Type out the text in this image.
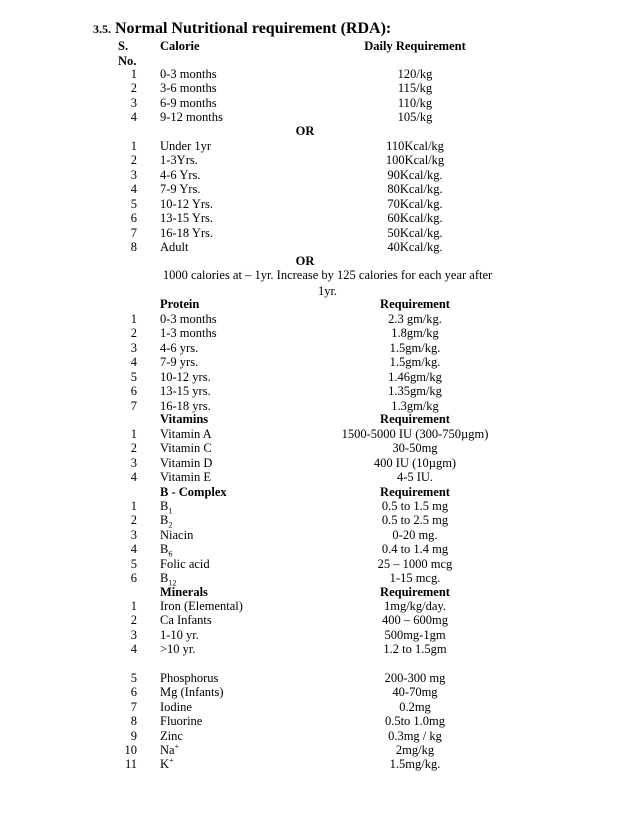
3.5. Normal Nutritional requirement (RDA):
S.	Calorie	Daily Requirement
No.
1 0-3 months	120/kg
2 3-6 months	115/kg
3 6-9 months	110/kg
4 9-12 months	105/kg
OR
1 Under 1yr	110Kcal/kg
2 1-3Yrs.	100Kcal/kg
3 4-6 Yrs.	90Kcal/kg.
4 7-9 Yrs.	80Kcal/kg.
5 10-12 Yrs.	70Kcal/kg.
6 13-15 Yrs.	60Kcal/kg.
7 16-18 Yrs.	50Kcal/kg.
8 Adult	40Kcal/kg.
OR
1000 calories at – 1yr. Increase by 125 calories for each year after 1yr.
Protein	Requirement
1 0-3 months	2.3 gm/kg.
2 1-3 months	1.8gm/kg
3 4-6 yrs.	1.5gm/kg.
4 7-9 yrs.	1.5gm/kg.
5 10-12 yrs.	1.46gm/kg
6 13-15 yrs.	1.35gm/kg
7 16-18 yrs.	1.3gm/kg
Vitamins	Requirement
1 Vitamin A	1500-5000 IU (300-750µgm)
2 Vitamin C	30-50mg
3 Vitamin D	400 IU (10µgm)
4 Vitamin E	4-5 IU.
B - Complex	Requirement
1 $B_1$	0.5 to 1.5 mg
2 $B_2$	0.5 to 2.5 mg
3 Niacin	0-20 mg.
4 $B_6$	0.4 to 1.4 mg
5 Folic acid	25 – 1000 mcg
6 $B_{12}$	1-15 mcg.
Minerals	Requirement
1 Iron (Elemental)	1mg/kg/day.
2 Ca Infants	400 – 600mg
3 1-10 yr.	500mg-1gm
4 >10 yr.	1.2 to 1.5gm
5 Phosphorus	200-300 mg
6 Mg (Infants)	40-70mg
7 Iodine	0.2mg
8 Fluorine	0.5to 1.0mg
9 Zinc	0.3mg / kg
10 Na+	2mg/kg
11 K+	1.5mg/kg.
